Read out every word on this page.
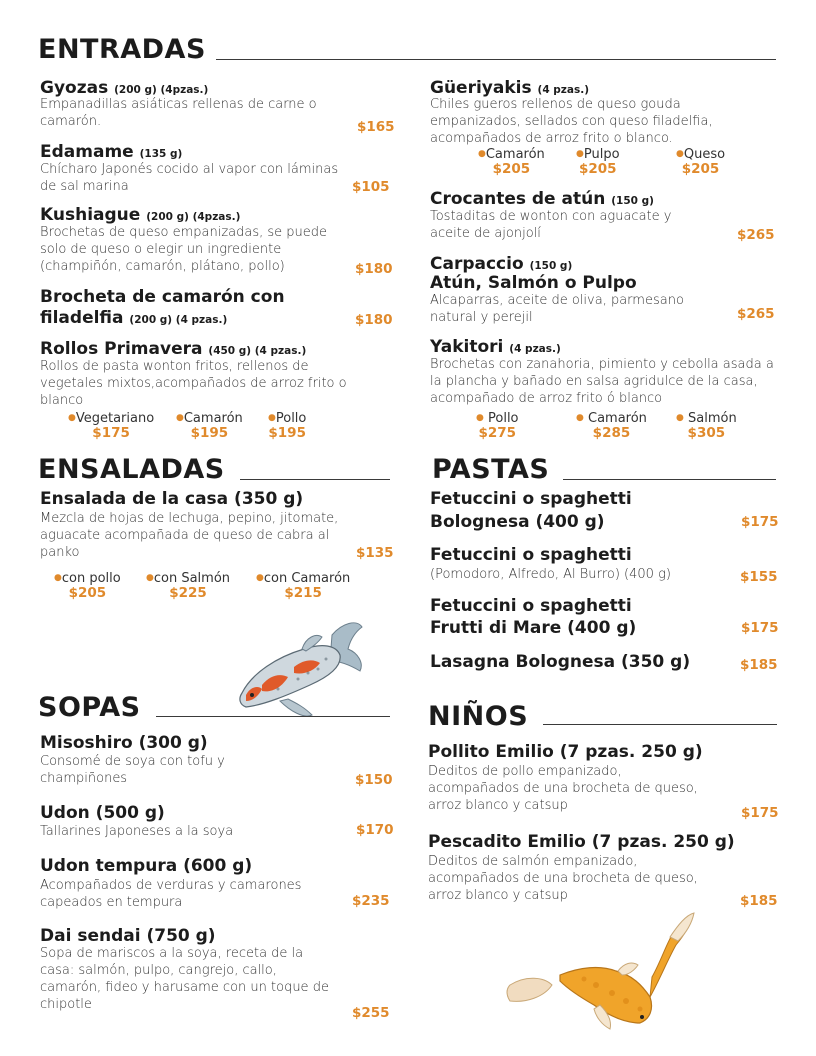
ENTRADAS
Gyozas (200 g) (4pzas.)
Empanadillas asiáticas rellenas de carne o camarón.	$165
Edamame (135 g)
Chícharo Japonés cocido al vapor con láminas de sal marina	$105
Kushiague (200 g) (4pzas.)
Brochetas de queso empanizadas, se puede solo de queso o elegir un ingrediente (champiñón, camarón, plátano, pollo)	$180
Brocheta de camarón con
filadelfia (200 g) (4 pzas.)	$180
Rollos Primavera (450 g) (4 pzas.)
Rollos de pasta wonton fritos, rellenos de vegetales mixtos,acompañados de arroz frito o blanco
●Vegetariano
$175
●Camarón
$195
●Pollo
$195
Güeriyakis (4 pzas.)
Chiles gueros rellenos de queso gouda empanizados, sellados con queso filadelfia, acompañados de arroz frito o blanco.
●Camarón
$205
●Pulpo
$205
●Queso
$205
Crocantes de atún (150 g)
Tostaditas de wonton con aguacate y aceite de ajonjolí	$265
Carpaccio (150 g)
Atún, Salmón o Pulpo
Alcaparras, aceite de oliva, parmesano natural y perejil	$265
Yakitori (4 pzas.)
Brochetas con zanahoria, pimiento y cebolla asada a la plancha y bañado en salsa agridulce de la casa, acompañado de arroz frito ó blanco
● Pollo
$275
● Camarón
$285
● Salmón
$305
ENSALADAS
Ensalada de la casa (350 g)
Mezcla de hojas de lechuga, pepino, jitomate, aguacate acompañada de queso de cabra al panko	$135
●con pollo
$205
●con Salmón
$225
●con Camarón
$215
SOPAS
Misoshiro (300 g)
Consomé de soya con tofu y champiñones	$150
Udon (500 g)
Tallarines Japoneses a la soya	$170
Udon tempura (600 g)
Acompañados de verduras y camarones capeados en tempura	$235
Dai sendai (750 g)
Sopa de mariscos a la soya, receta de la casa: salmón, pulpo, cangrejo, callo, camarón, fideo y harusame con un toque de chipotle
$255
PASTAS
Fetuccini o spaghetti
Bolognesa (400 g)	$175
Fetuccini o spaghetti
(Pomodoro, Alfredo, Al Burro) (400 g)	$155
Fetuccini o spaghetti
Frutti di Mare (400 g)	$175
Lasagna Bolognesa (350 g)	$185
NIÑOS
Pollito Emilio (7 pzas. 250 g)
Deditos de pollo empanizado, acompañados de una brocheta de queso, arroz blanco y catsup	$175
Pescadito Emilio (7 pzas. 250 g)
Deditos de salmón empanizado, acompañados de una brocheta de queso, arroz blanco y catsup	$185
